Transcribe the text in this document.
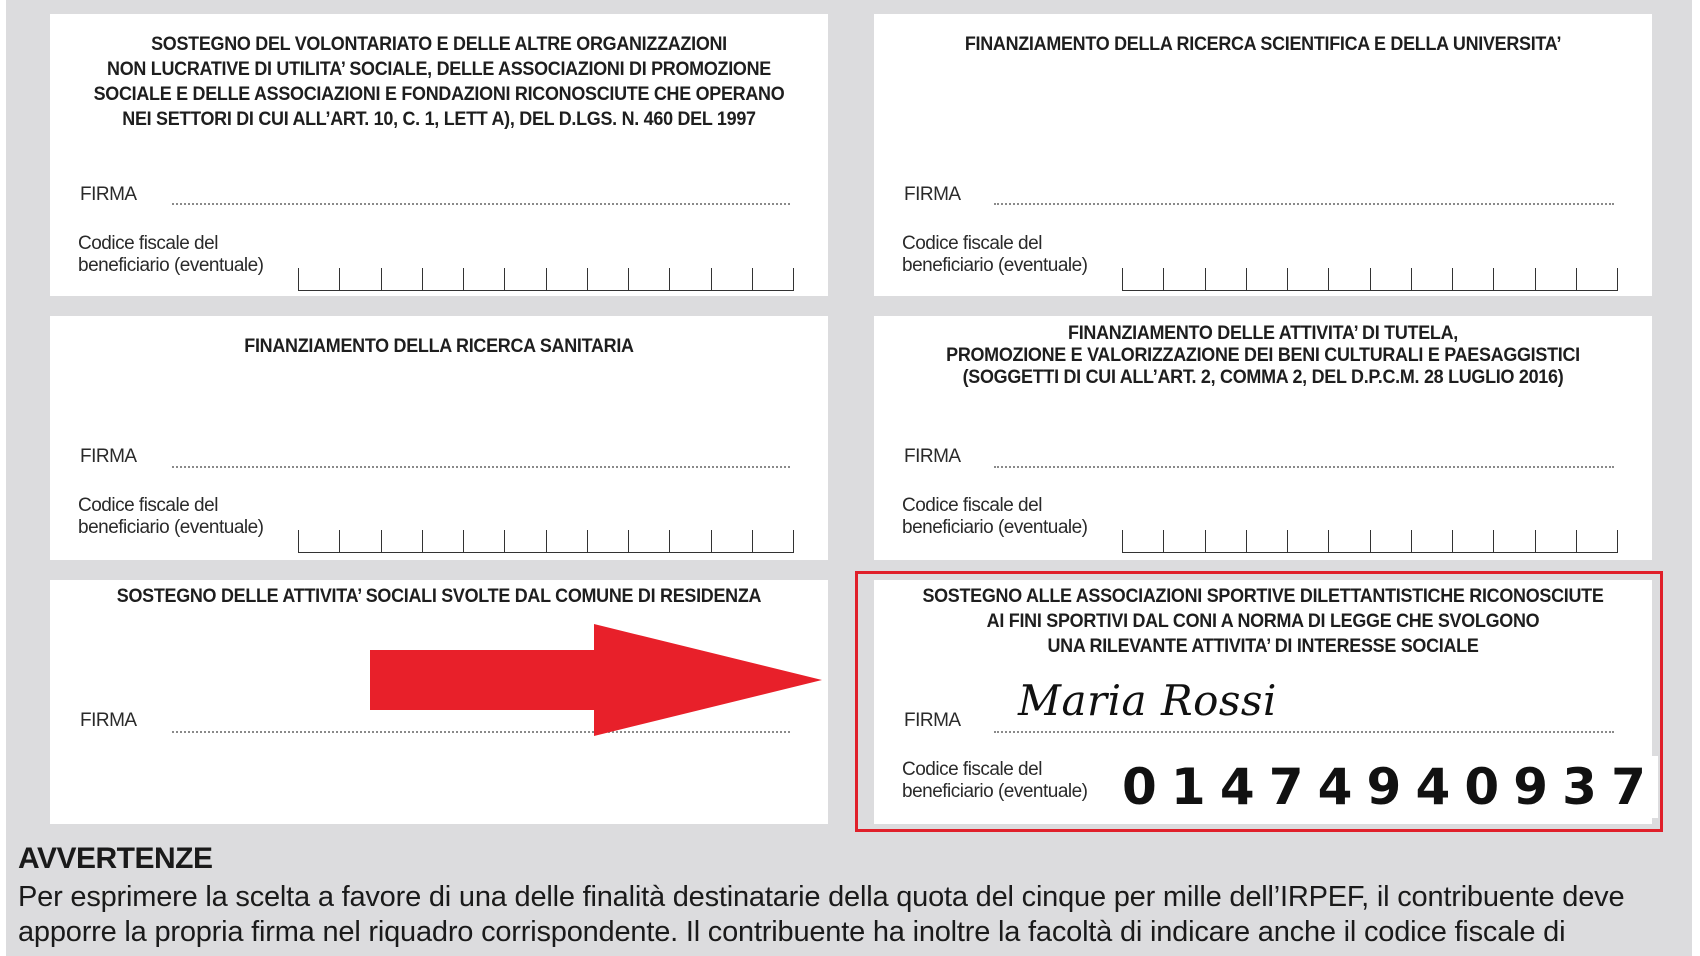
SOSTEGNO DEL VOLONTARIATO E DELLE ALTRE ORGANIZZAZIONI
NON LUCRATIVE DI UTILITA’ SOCIALE, DELLE ASSOCIAZIONI DI PROMOZIONE
SOCIALE E DELLE ASSOCIAZIONI E FONDAZIONI RICONOSCIUTE CHE OPERANO
NEI SETTORI DI CUI ALL’ART. 10, C. 1, LETT A), DEL D.LGS. N. 460 DEL 1997
FIRMA
Codice fiscale del
beneficiario (eventuale)
FINANZIAMENTO DELLA RICERCA SCIENTIFICA E DELLA UNIVERSITA’
FIRMA
Codice fiscale del
beneficiario (eventuale)
FINANZIAMENTO DELLA RICERCA SANITARIA
FIRMA
Codice fiscale del
beneficiario (eventuale)
FINANZIAMENTO DELLE ATTIVITA’ DI TUTELA,
PROMOZIONE E VALORIZZAZIONE DEI BENI CULTURALI E PAESAGGISTICI
(SOGGETTI DI CUI ALL’ART. 2, COMMA 2, DEL D.P.C.M. 28 LUGLIO 2016)
FIRMA
Codice fiscale del
beneficiario (eventuale)
SOSTEGNO DELLE ATTIVITA’ SOCIALI SVOLTE DAL COMUNE DI RESIDENZA
FIRMA
SOSTEGNO ALLE ASSOCIAZIONI SPORTIVE DILETTANTISTICHE RICONOSCIUTE
AI FINI SPORTIVI DAL CONI A NORMA DI LEGGE CHE SVOLGONO
UNA RILEVANTE ATTIVITA’ DI INTERESSE SOCIALE
FIRMA
Codice fiscale del
beneficiario (eventuale)
Maria Rossi
0 1 4 7 4 9 4 0 9 3 7
AVVERTENZE
Per esprimere la scelta a favore di una delle finalità destinatarie della quota del cinque per mille dell’IRPEF, il contribuente deve apporre la propria firma nel riquadro corrispondente. Il contribuente ha inoltre la facoltà di indicare anche il codice fiscale di
